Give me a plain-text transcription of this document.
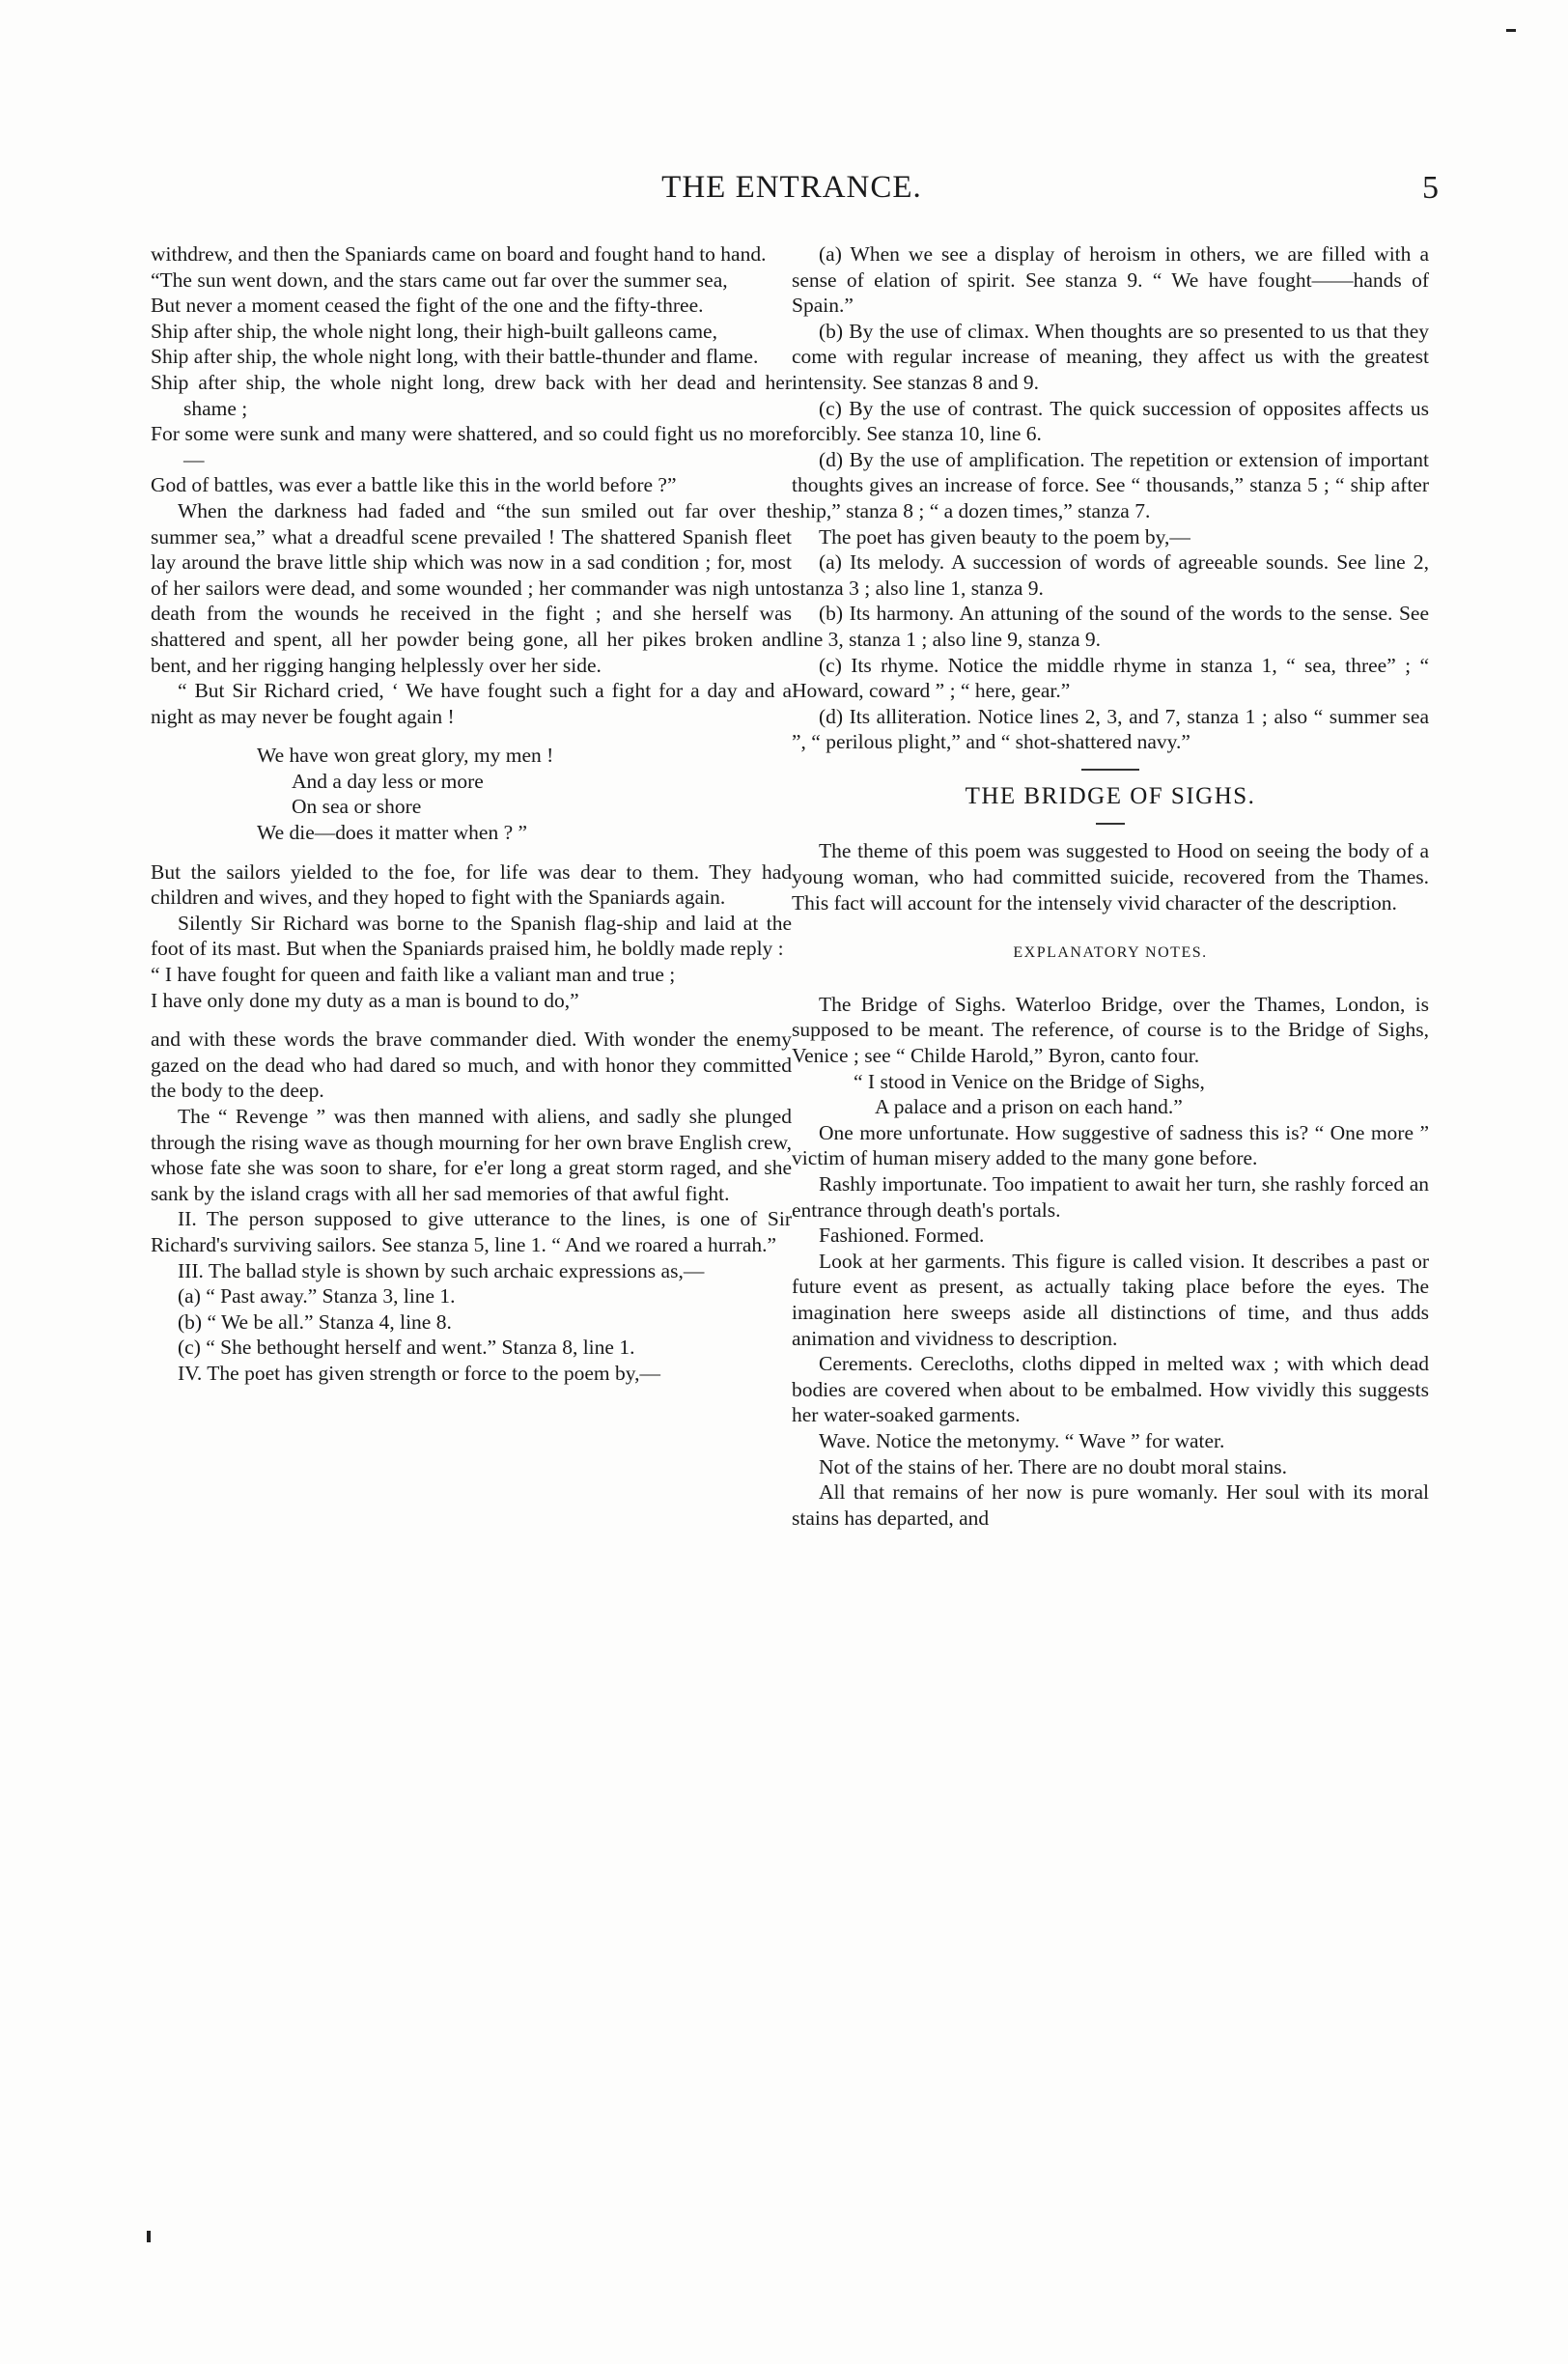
THE ENTRANCE.	5

withdrew, and then the Spaniards came on board and fought hand to hand.

“The sun went down, and the stars came out far over the summer sea,

But never a moment ceased the fight of the one and the fifty-three.

Ship after ship, the whole night long, their high-built galleons came,

Ship after ship, the whole night long, with their battle-thunder and flame.

Ship after ship, the whole night long, drew back with her dead and her shame ;

For some were sunk and many were shattered, and so could fight us no more—

God of battles, was ever a battle like this in the world before ?”

When the darkness had faded and “the sun smiled out far over the summer sea,” what a dreadful scene prevailed ! The shattered Spanish fleet lay around the brave little ship which was now in a sad condition ; for, most of her sailors were dead, and some wounded ; her commander was nigh unto death from the wounds he received in the fight ; and she herself was shattered and spent, all her powder being gone, all her pikes broken and bent, and her rigging hanging helplessly over her side.

“ But Sir Richard cried, ‘ We have fought such a fight for a day and a night as may never be fought again !

We have won great glory, my men !
And a day less or more
On sea or shore
We die—does it matter when ? ”

But the sailors yielded to the foe, for life was dear to them. They had children and wives, and they hoped to fight with the Spaniards again.

Silently Sir Richard was borne to the Spanish flag-ship and laid at the foot of its mast. But when the Spaniards praised him, he boldly made reply :

“ I have fought for queen and faith like a valiant man and true ;

I have only done my duty as a man is bound to do,”

and with these words the brave commander died. With wonder the enemy gazed on the dead who had dared so much, and with honor they committed the body to the deep.

The “ Revenge ” was then manned with aliens, and sadly she plunged through the rising wave as though mourning for her own brave English crew, whose fate she was soon to share, for e'er long a great storm raged, and she sank by the island crags with all her sad memories of that awful fight.

II. The person supposed to give utterance to the lines, is one of Sir Richard's surviving sailors. See stanza 5, line 1. “ And we roared a hurrah.”

III. The ballad style is shown by such archaic expressions as,—

(a) “ Past away.” Stanza 3, line 1.

(b) “ We be all.” Stanza 4, line 8.

(c) “ She bethought herself and went.” Stanza 8, line 1.

IV. The poet has given strength or force to the poem by,—

(a) When we see a display of heroism in others, we are filled with a sense of elation of spirit. See stanza 9. “ We have fought——hands of Spain.”

(b) By the use of climax. When thoughts are so presented to us that they come with regular increase of meaning, they affect us with the greatest intensity. See stanzas 8 and 9.

(c) By the use of contrast. The quick succession of opposites affects us forcibly. See stanza 10, line 6.

(d) By the use of amplification. The repetition or extension of important thoughts gives an increase of force. See “ thousands,” stanza 5 ; “ ship after ship,” stanza 8 ; “ a dozen times,” stanza 7.

The poet has given beauty to the poem by,—

(a) Its melody. A succession of words of agreeable sounds. See line 2, stanza 3 ; also line 1, stanza 9.

(b) Its harmony. An attuning of the sound of the words to the sense. See line 3, stanza 1 ; also line 9, stanza 9.

(c) Its rhyme. Notice the middle rhyme in stanza 1, “ sea, three” ; “ Howard, coward ” ; “ here, gear.”

(d) Its alliteration. Notice lines 2, 3, and 7, stanza 1 ; also “ summer sea ”, “ perilous plight,” and “ shot-shattered navy.”

THE BRIDGE OF SIGHS.

The theme of this poem was suggested to Hood on seeing the body of a young woman, who had committed suicide, recovered from the Thames. This fact will account for the intensely vivid character of the description.

EXPLANATORY NOTES.

The Bridge of Sighs. Waterloo Bridge, over the Thames, London, is supposed to be meant. The reference, of course is to the Bridge of Sighs, Venice ; see “ Childe Harold,” Byron, canto four.

“ I stood in Venice on the Bridge of Sighs,
A palace and a prison on each hand.”

One more unfortunate. How suggestive of sadness this is? “ One more ” victim of human misery added to the many gone before.

Rashly importunate. Too impatient to await her turn, she rashly forced an entrance through death's portals.

Fashioned. Formed.

Look at her garments. This figure is called vision. It describes a past or future event as present, as actually taking place before the eyes. The imagination here sweeps aside all distinctions of time, and thus adds animation and vividness to description.

Cerements. Cerecloths, cloths dipped in melted wax ; with which dead bodies are covered when about to be embalmed. How vividly this suggests her water-soaked garments.

Wave. Notice the metonymy. “ Wave ” for water.

Not of the stains of her. There are no doubt moral stains.

All that remains of her now is pure womanly. Her soul with its moral stains has departed, and
